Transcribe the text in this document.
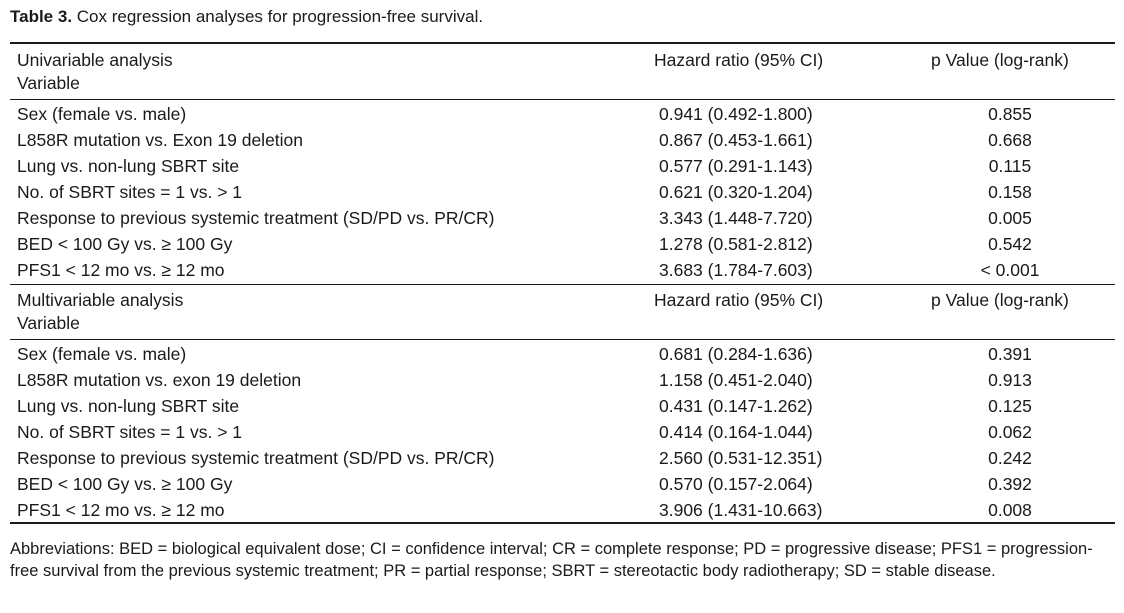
Table 3. Cox regression analyses for progression-free survival.
Univariable analysis
Variable
Hazard ratio (95% CI)	p Value (log-rank)
Sex (female vs. male)	0.941 (0.492-1.800)	0.855
L858R mutation vs. Exon 19 deletion	0.867 (0.453-1.661)	0.668
Lung vs. non-lung SBRT site	0.577 (0.291-1.143)	0.115
No. of SBRT sites = 1 vs. > 1	0.621 (0.320-1.204)	0.158
Response to previous systemic treatment (SD/PD vs. PR/CR)	3.343 (1.448-7.720)	0.005
BED < 100 Gy vs. ≥ 100 Gy	1.278 (0.581-2.812)	0.542
PFS1 < 12 mo vs. ≥ 12 mo	3.683 (1.784-7.603)	< 0.001
Multivariable analysis
Variable
Hazard ratio (95% CI)	p Value (log-rank)
Sex (female vs. male)	0.681 (0.284-1.636)	0.391
L858R mutation vs. exon 19 deletion	1.158 (0.451-2.040)	0.913
Lung vs. non-lung SBRT site	0.431 (0.147-1.262)	0.125
No. of SBRT sites = 1 vs. > 1	0.414 (0.164-1.044)	0.062
Response to previous systemic treatment (SD/PD vs. PR/CR)	2.560 (0.531-12.351)	0.242
BED < 100 Gy vs. ≥ 100 Gy	0.570 (0.157-2.064)	0.392
PFS1 < 12 mo vs. ≥ 12 mo	3.906 (1.431-10.663)	0.008
Abbreviations: BED = biological equivalent dose; CI = confidence interval; CR = complete response; PD = progressive disease; PFS1 = progression-free survival from the previous systemic treatment; PR = partial response; SBRT = stereotactic body radiotherapy; SD = stable disease.
